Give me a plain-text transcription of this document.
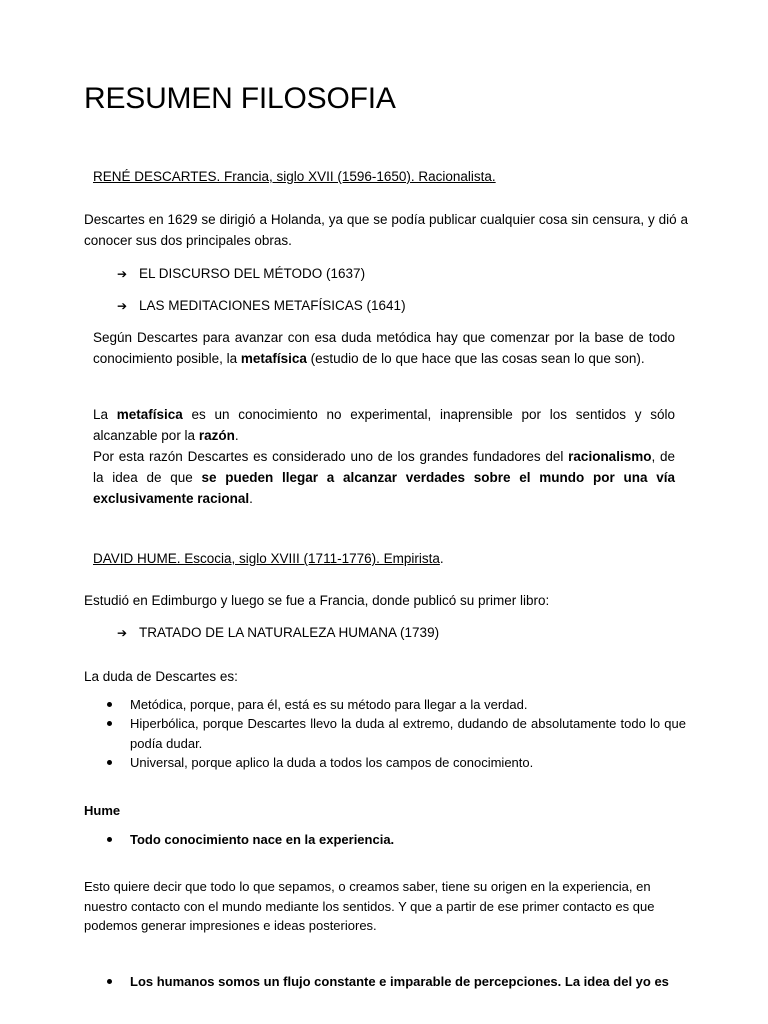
RESUMEN FILOSOFIA
RENÉ DESCARTES. Francia, siglo XVII (1596-1650). Racionalista.
Descartes en 1629 se dirigió a Holanda, ya que se podía publicar cualquier cosa sin censura, y dió a conocer sus dos principales obras.
➔ EL DISCURSO DEL MÉTODO (1637)
➔ LAS MEDITACIONES METAFÍSICAS (1641)
Según Descartes para avanzar con esa duda metódica hay que comenzar por la base de todo conocimiento posible, la metafísica (estudio de lo que hace que las cosas sean lo que son).
La metafísica es un conocimiento no experimental, inaprensible por los sentidos y sólo alcanzable por la razón.
Por esta razón Descartes es considerado uno de los grandes fundadores del racionalismo, de la idea de que se pueden llegar a alcanzar verdades sobre el mundo por una vía exclusivamente racional.
DAVID HUME. Escocia, siglo XVIII (1711-1776). Empirista.
Estudió en Edimburgo y luego se fue a Francia, donde publicó su primer libro:
➔ TRATADO DE LA NATURALEZA HUMANA (1739)
La duda de Descartes es:
Metódica, porque, para él, está es su método para llegar a la verdad.
Hiperbólica, porque Descartes llevo la duda al extremo, dudando de absolutamente todo lo que podía dudar.
Universal, porque aplico la duda a todos los campos de conocimiento.
Hume
Todo conocimiento nace en la experiencia.
Esto quiere decir que todo lo que sepamos, o creamos saber, tiene su origen en la experiencia, en nuestro contacto con el mundo mediante los sentidos. Y que a partir de ese primer contacto es que podemos generar impresiones e ideas posteriores.
Los humanos somos un flujo constante e imparable de percepciones. La idea del yo es
